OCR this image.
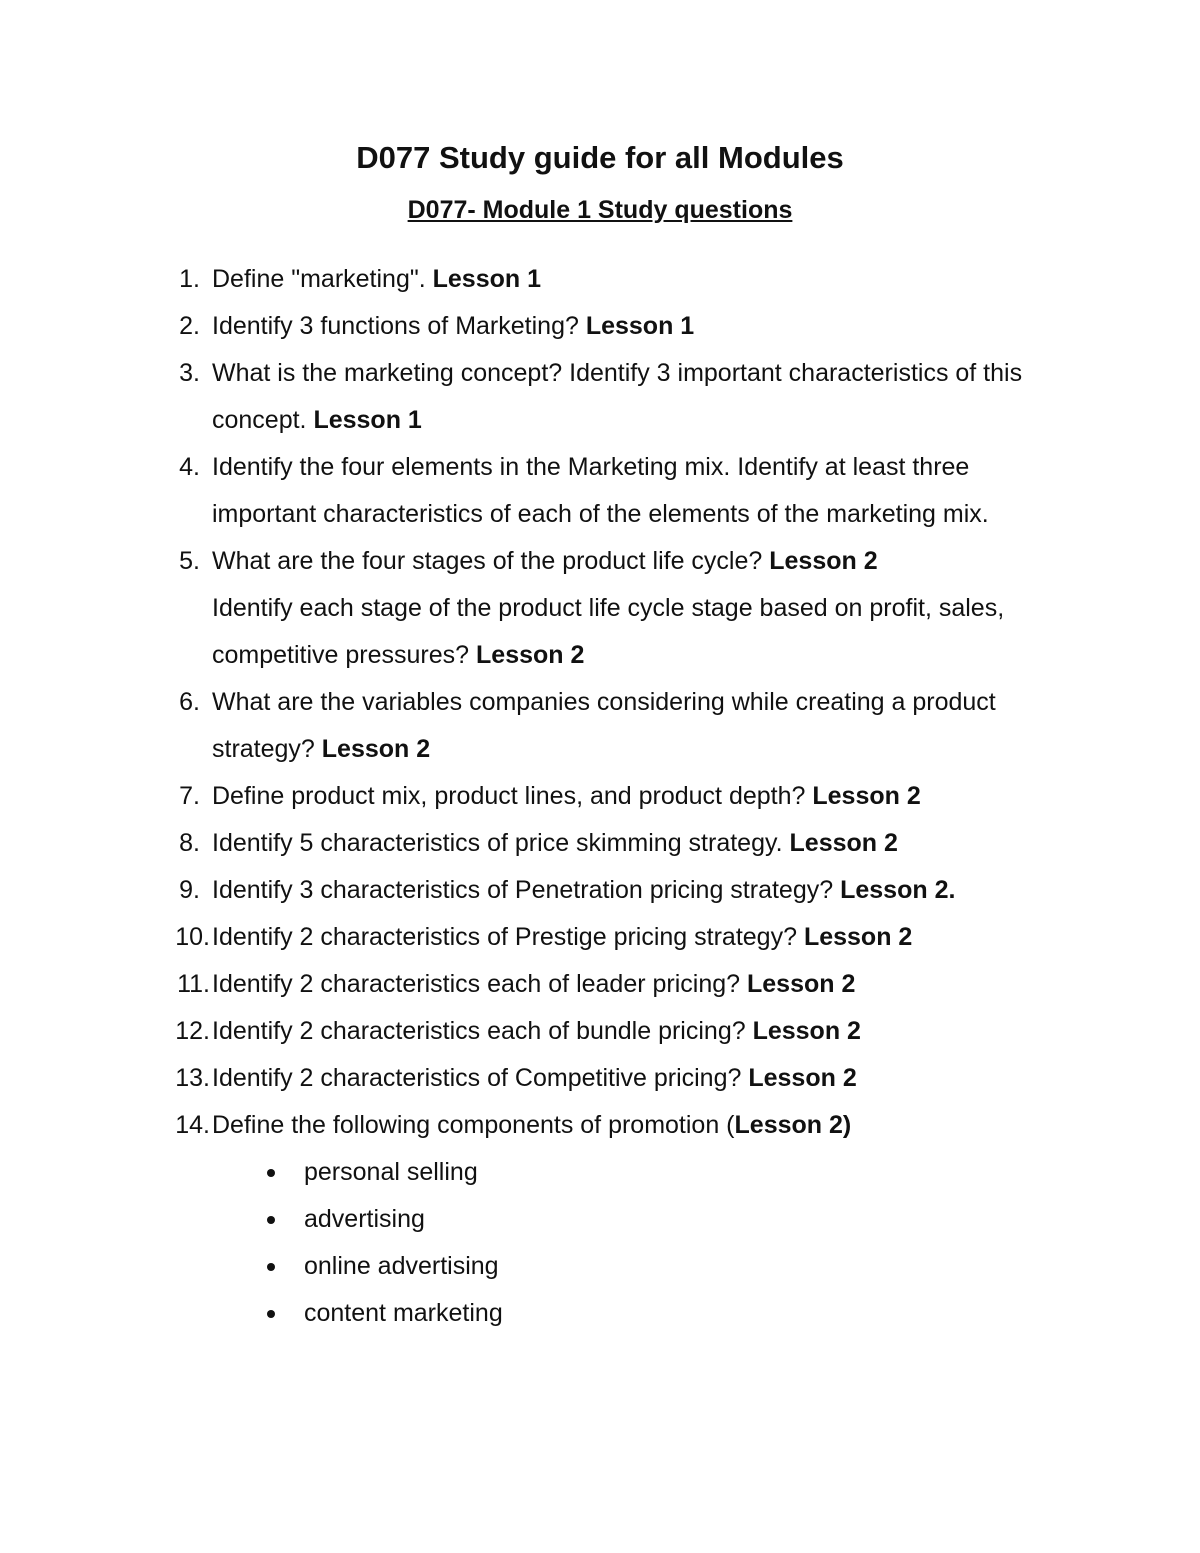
D077 Study guide for all Modules
D077- Module 1 Study questions
1. Define "marketing". Lesson 1
2. Identify 3 functions of Marketing? Lesson 1
3. What is the marketing concept? Identify 3 important characteristics of this concept. Lesson 1
4. Identify the four elements in the Marketing mix. Identify at least three important characteristics of each of the elements of the marketing mix.
5. What are the four stages of the product life cycle? Lesson 2
Identify each stage of the product life cycle stage based on profit, sales, competitive pressures? Lesson 2
6. What are the variables companies considering while creating a product strategy? Lesson 2
7. Define product mix, product lines, and product depth? Lesson 2
8. Identify 5 characteristics of price skimming strategy. Lesson 2
9. Identify 3 characteristics of Penetration pricing strategy? Lesson 2.
10. Identify 2 characteristics of Prestige pricing strategy? Lesson 2
11. Identify 2 characteristics each of leader pricing? Lesson 2
12. Identify 2 characteristics each of bundle pricing? Lesson 2
13. Identify 2 characteristics of Competitive pricing? Lesson 2
14. Define the following components of promotion (Lesson 2)
personal selling
advertising
online advertising
content marketing
